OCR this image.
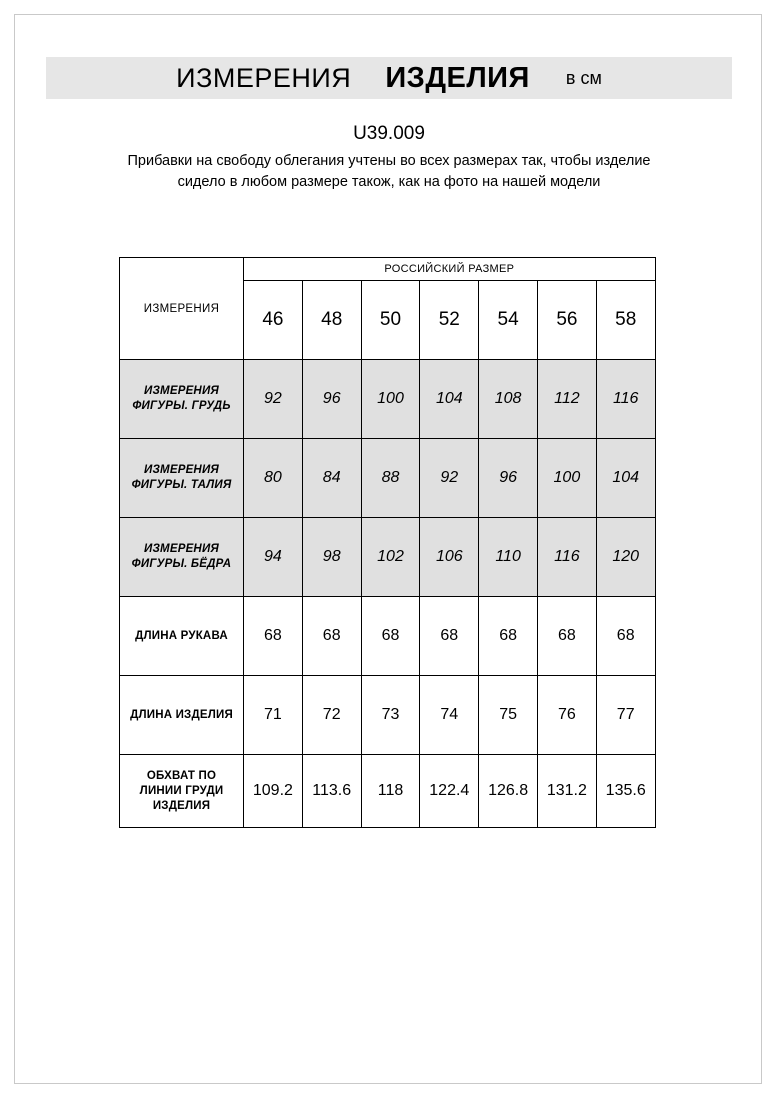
ИЗМЕРЕНИЯ ИЗДЕЛИЯ в см
U39.009
Прибавки на свободу облегания учтены во всех размерах так, чтобы изделие сидело в любом размере також, как на фото на нашей модели
ИЗМЕРЕНИЯ	РОССИЙСКИЙ РАЗМЕР						
	46	48	50	52	54	56	58

ИЗМЕРЕНИЯ
ФИГУРЫ. ГРУДЬ	92	96	100	104	108	112	116

ИЗМЕРЕНИЯ
ФИГУРЫ. ТАЛИЯ	80	84	88	92	96	100	104

ИЗМЕРЕНИЯ
ФИГУРЫ. БЁДРА	94	98	102	106	110	116	120
ДЛИНА РУКАВА	68	68	68	68	68	68	68
ДЛИНА ИЗДЕЛИЯ	71	72	73	74	75	76	77

ОБХВАТ ПО
ЛИНИИ ГРУДИ
ИЗДЕЛИЯ	109.2	113.6	118	122.4	126.8	131.2	135.6
